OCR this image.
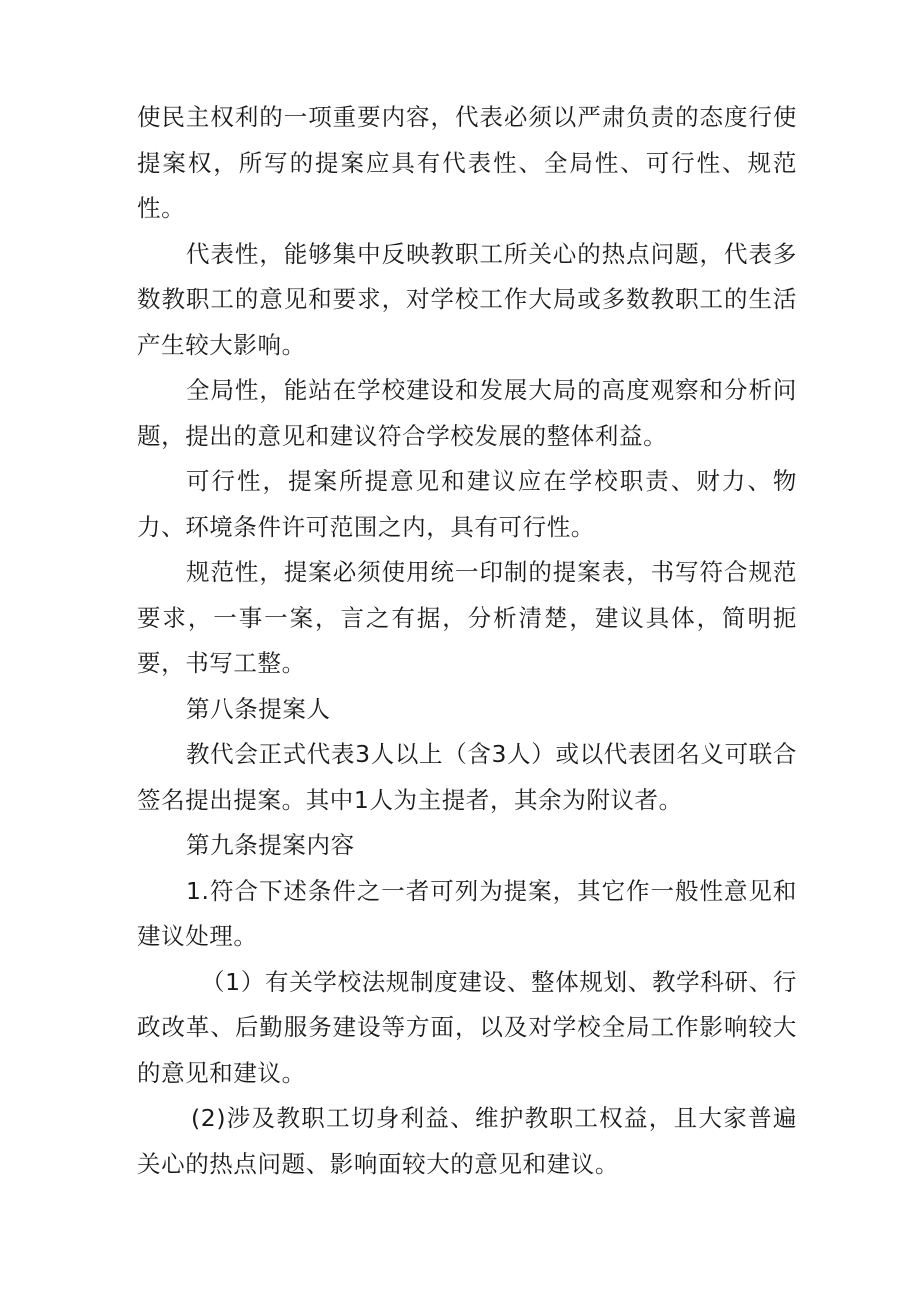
使民主权利的一项重要内容，代表必须以严肃负责的态度行使提案权，所写的提案应具有代表性、全局性、可行性、规范性。

代表性，能够集中反映教职工所关心的热点问题，代表多数教职工的意见和要求，对学校工作大局或多数教职工的生活产生较大影响。

全局性，能站在学校建设和发展大局的高度观察和分析问题，提出的意见和建议符合学校发展的整体利益。

可行性，提案所提意见和建议应在学校职责、财力、物力、环境条件许可范围之内，具有可行性。

规范性，提案必须使用统一印制的提案表，书写符合规范要求，一事一案，言之有据，分析清楚，建议具体，简明扼要，书写工整。

第八条提案人

教代会正式代表3人以上（含3人）或以代表团名义可联合签名提出提案。其中1人为主提者，其余为附议者。

第九条提案内容

1.符合下述条件之一者可列为提案，其它作一般性意见和建议处理。

（1）有关学校法规制度建设、整体规划、教学科研、行政改革、后勤服务建设等方面，以及对学校全局工作影响较大的意见和建议。

(2)涉及教职工切身利益、维护教职工权益，且大家普遍关心的热点问题、影响面较大的意见和建议。
